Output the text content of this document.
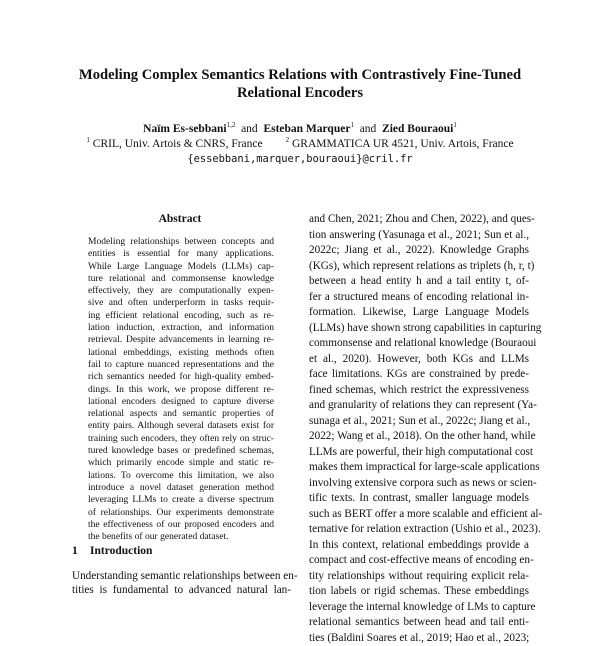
Modeling Complex Semantics Relations with Contrastively Fine-Tuned
Relational Encoders
Naïm Es-sebbani$^{1,2}$ and Esteban Marquer$^1$ and Zied Bouraoui$^1$
$^1$ CRIL, Univ. Artois & CNRS, France	$^2$ GRAMMATICA UR 4521, Univ. Artois, France
{essebbani,marquer,bouraoui}@cril.fr
Abstract
Modeling relationships between concepts and
entities is essential for many applications.
While Large Language Models (LLMs) cap-
ture relational and commonsense knowledge
effectively, they are computationally expen-
sive and often underperform in tasks requir-
ing efficient relational encoding, such as re-
lation induction, extraction, and information
retrieval. Despite advancements in learning re-
lational embeddings, existing methods often
fail to capture nuanced representations and the
rich semantics needed for high-quality embed-
dings. In this work, we propose different re-
lational encoders designed to capture diverse
relational aspects and semantic properties of
entity pairs. Although several datasets exist for
training such encoders, they often rely on struc-
tured knowledge bases or predefined schemas,
which primarily encode simple and static re-
lations. To overcome this limitation, we also
introduce a novel dataset generation method
leveraging LLMs to create a diverse spectrum
of relationships. Our experiments demonstrate
the effectiveness of our proposed encoders and
the benefits of our generated dataset.
1 Introduction
Understanding semantic relationships between en-
tities is fundamental to advanced natural lan-
and Chen, 2021; Zhou and Chen, 2022), and ques-
tion answering (Yasunaga et al., 2021; Sun et al.,
2022c; Jiang et al., 2022). Knowledge Graphs
(KGs), which represent relations as triplets (h, r, t)
between a head entity h and a tail entity t, of-
fer a structured means of encoding relational in-
formation. Likewise, Large Language Models
(LLMs) have shown strong capabilities in capturing
commonsense and relational knowledge (Bouraoui
et al., 2020). However, both KGs and LLMs
face limitations. KGs are constrained by prede-
fined schemas, which restrict the expressiveness
and granularity of relations they can represent (Ya-
sunaga et al., 2021; Sun et al., 2022c; Jiang et al.,
2022; Wang et al., 2018). On the other hand, while
LLMs are powerful, their high computational cost
makes them impractical for large-scale applications
involving extensive corpora such as news or scien-
tific texts. In contrast, smaller language models
such as BERT offer a more scalable and efficient al-
ternative for relation extraction (Ushio et al., 2023).
In this context, relational embeddings provide a
compact and cost-effective means of encoding en-
tity relationships without requiring explicit rela-
tion labels or rigid schemas. These embeddings
leverage the internal knowledge of LMs to capture
relational semantics between head and tail enti-
ties (Baldini Soares et al., 2019; Hao et al., 2023;
